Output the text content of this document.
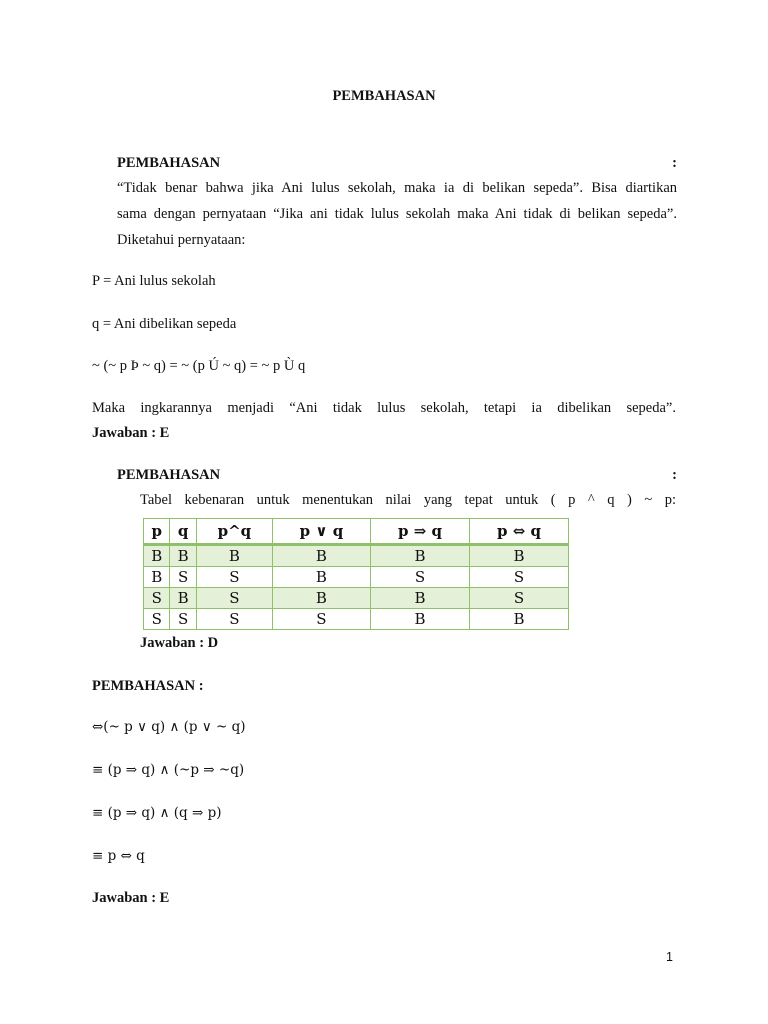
PEMBAHASAN
PEMBAHASAN	:
“Tidak benar bahwa jika Ani lulus sekolah, maka ia di belikan sepeda”. Bisa diartikan
sama dengan pernyataan “Jika ani tidak lulus sekolah maka Ani tidak di belikan sepeda”.
Diketahui pernyataan:
P = Ani lulus sekolah
q = Ani dibelikan sepeda
~ (~ p Þ ~ q) = ~ (p Ú ~ q) = ~ p Ù q
Maka ingkarannya menjadi “Ani tidak lulus sekolah, tetapi ia dibelikan sepeda”.
Jawaban : E
PEMBAHASAN	:
Tabel kebenaran untuk menentukan nilai yang tepat untuk ( p ^ q ) ~ p:
p	q	p^q	p ∨ q	p ⇒ q	p ⇔ q
B	B	B	B	B	B
B	S	S	B	S	S
S	B	S	B	B	S
S	S	S	S	B	B
Jawaban : D
PEMBAHASAN :
⇔(~ p ∨ q) ∧ (p ∨ ~ q)
≡ (p ⇒ q) ∧ (~p ⇒ ~q)
≡ (p ⇒ q) ∧ (q ⇒ p)
≡ p ⇔ q
Jawaban : E
1
